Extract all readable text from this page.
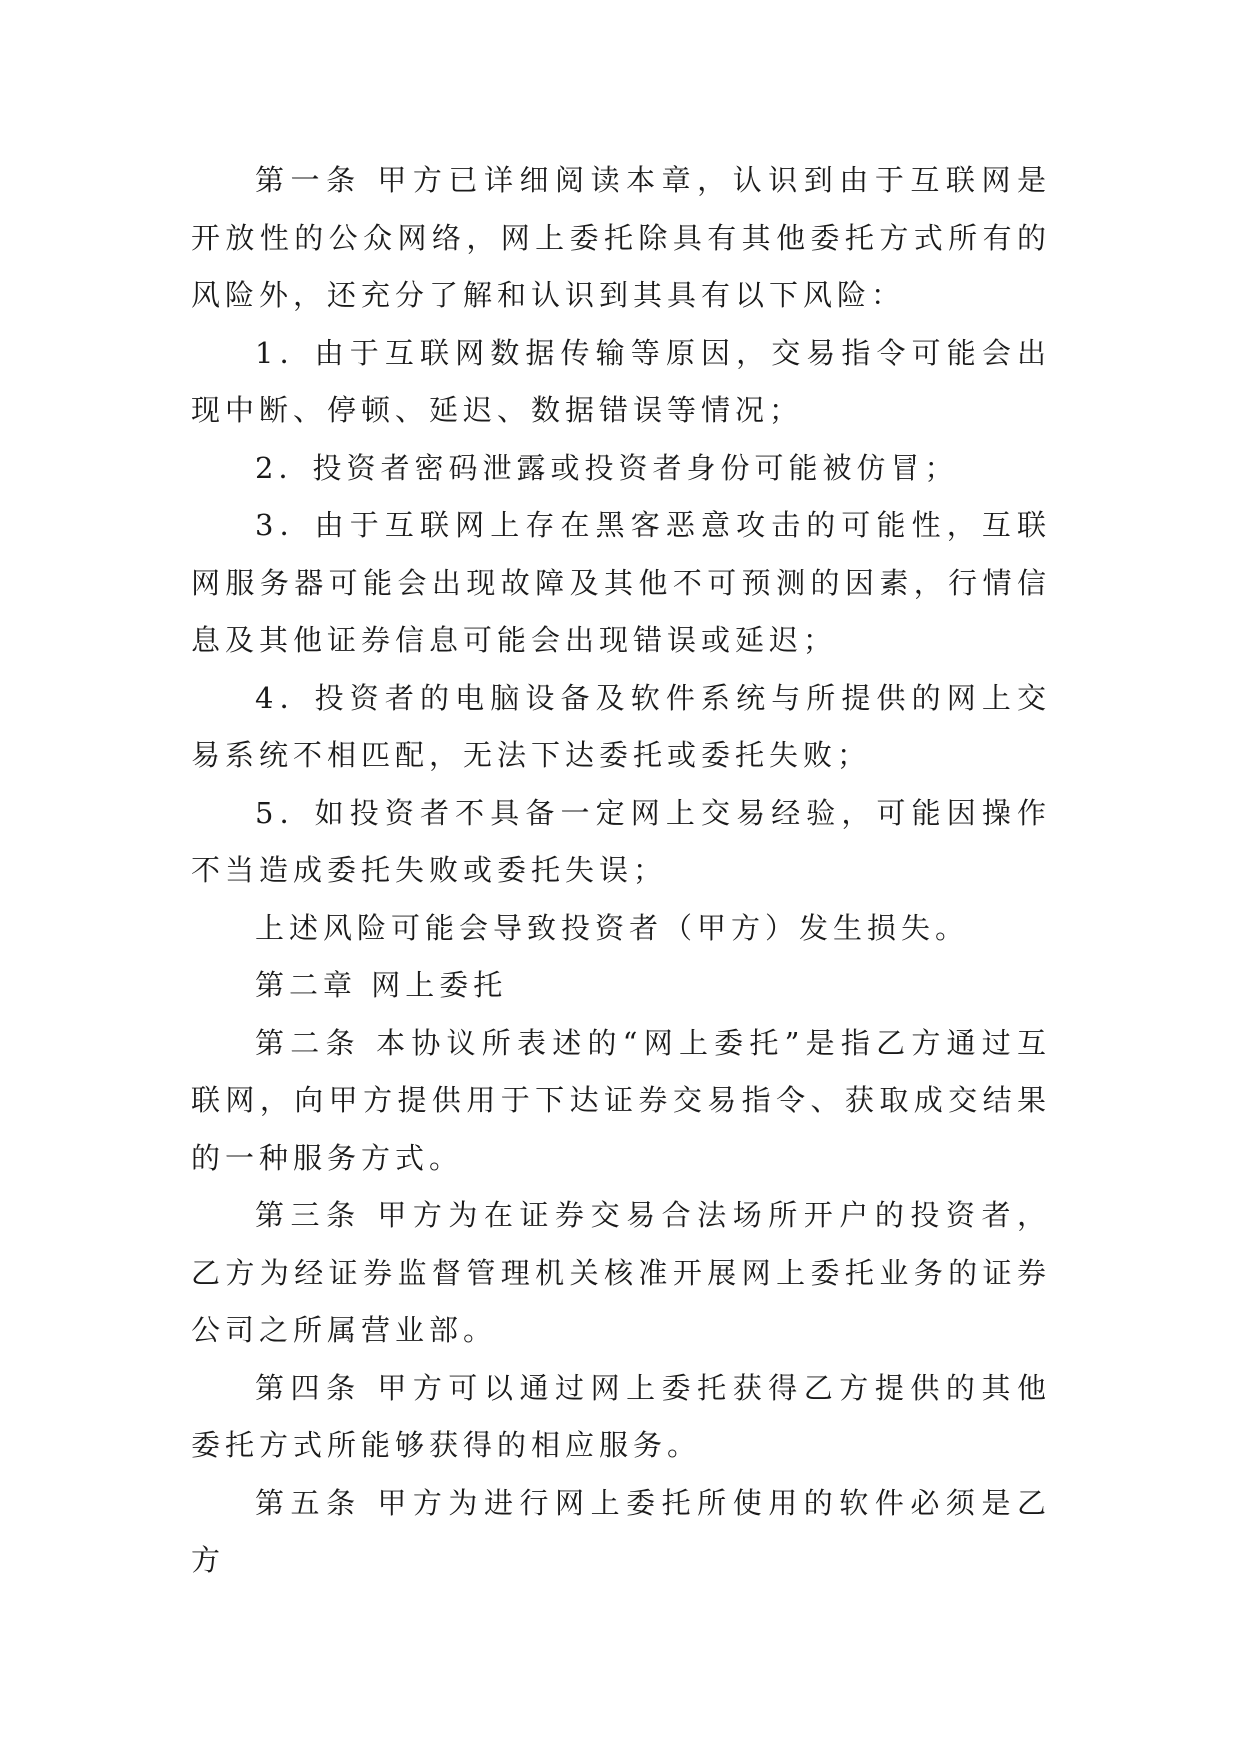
第一条 甲方已详细阅读本章，认识到由于互联网是开放性的公众网络，网上委托除具有其他委托方式所有的风险外，还充分了解和认识到其具有以下风险：

1．由于互联网数据传输等原因，交易指令可能会出现中断、停顿、延迟、数据错误等情况；

2．投资者密码泄露或投资者身份可能被仿冒；

3．由于互联网上存在黑客恶意攻击的可能性，互联网服务器可能会出现故障及其他不可预测的因素，行情信息及其他证券信息可能会出现错误或延迟；

4．投资者的电脑设备及软件系统与所提供的网上交易系统不相匹配，无法下达委托或委托失败；

5．如投资者不具备一定网上交易经验，可能因操作不当造成委托失败或委托失误；

上述风险可能会导致投资者（甲方）发生损失。

第二章 网上委托

第二条 本协议所表述的“网上委托”是指乙方通过互联网，向甲方提供用于下达证券交易指令、获取成交结果的一种服务方式。

第三条 甲方为在证券交易合法场所开户的投资者，乙方为经证券监督管理机关核准开展网上委托业务的证券公司之所属营业部。

第四条 甲方可以通过网上委托获得乙方提供的其他委托方式所能够获得的相应服务。

第五条 甲方为进行网上委托所使用的软件必须是乙方
